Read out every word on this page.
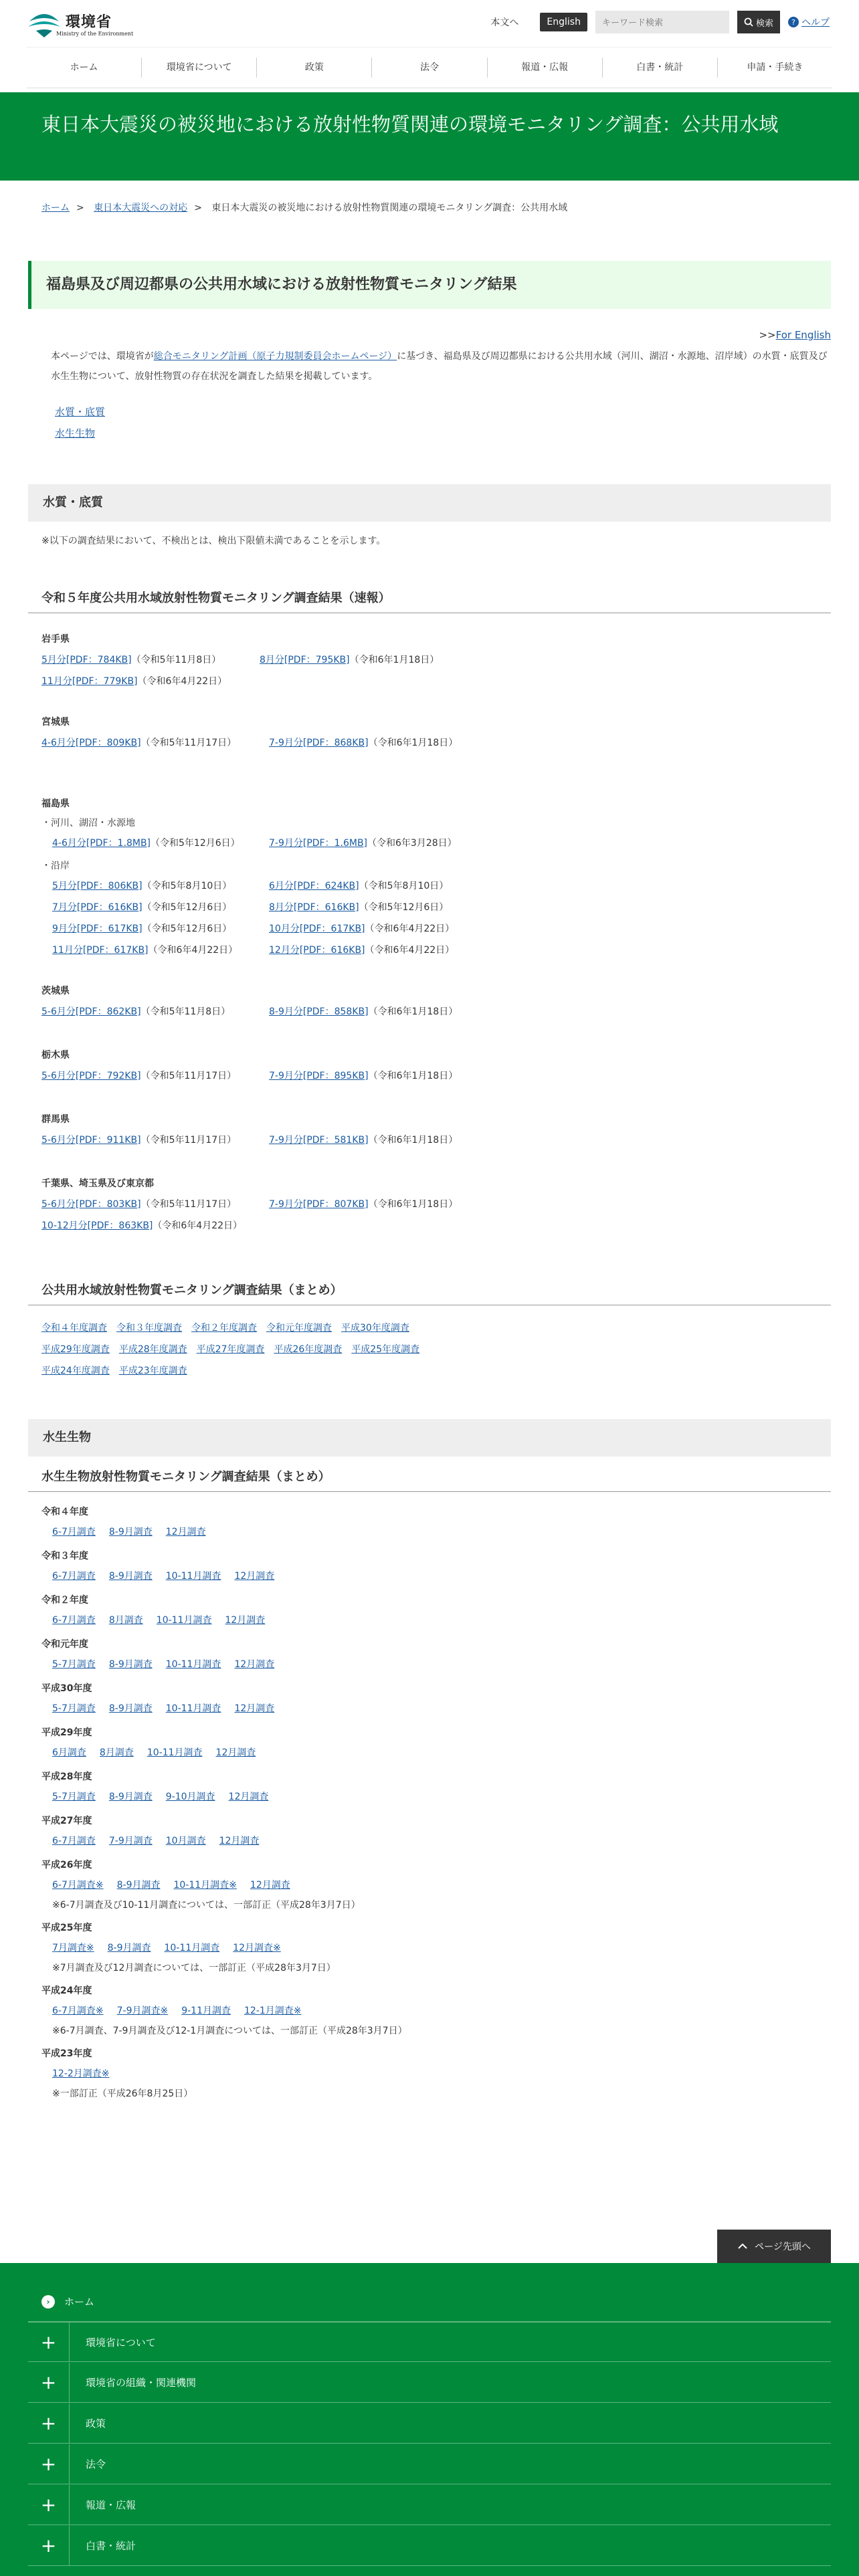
環境省
Ministry of the Environment
本文へ	English
キーワード検索	検索	? ヘルプ
ホーム	環境省について	政策	法令	報道・広報	白書・統計	申請・手続き
東日本大震災の被災地における放射性物質関連の環境モニタリング調査：公共用水域
ホーム > 東日本大震災への対応 > 東日本大震災の被災地における放射性物質関連の環境モニタリング調査：公共用水域
福島県及び周辺都県の公共用水域における放射性物質モニタリング結果
>>For English

本ページでは、環境省が総合モニタリング計画（原子力規制委員会ホームページ）に基づき、福島県及び周辺都県における公共用水域（河川、湖沼・水源地、沼岸域）の水質・底質及び水生生物について、放射性物質の存在状況を調査した結果を掲載しています。

水質・底質
水生生物
水質・底質

※以下の調査結果において、不検出とは、検出下限値未満であることを示します。

令和５年度公共用水域放射性物質モニタリング調査結果（速報）
岩手県
5月分[PDF：784KB]（令和5年11月8日）	8月分[PDF：795KB]（令和6年1月18日）
11月分[PDF：779KB]（令和6年4月22日）
宮城県
4-6月分[PDF：809KB]（令和5年11月17日）	7-9月分[PDF：868KB]（令和6年1月18日）
福島県
・河川、湖沼・水源地
4-6月分[PDF：1.8MB]（令和5年12月6日）	7-9月分[PDF：1.6MB]（令和6年3月28日）
・沿岸
5月分[PDF：806KB]（令和5年8月10日）	6月分[PDF：624KB]（令和5年8月10日）
7月分[PDF：616KB]（令和5年12月6日）	8月分[PDF：616KB]（令和5年12月6日）
9月分[PDF：617KB]（令和5年12月6日）	10月分[PDF：617KB]（令和6年4月22日）
11月分[PDF：617KB]（令和6年4月22日）	12月分[PDF：616KB]（令和6年4月22日）
茨城県
5-6月分[PDF：862KB]（令和5年11月8日）	8-9月分[PDF：858KB]（令和6年1月18日）
栃木県
5-6月分[PDF：792KB]（令和5年11月17日）	7-9月分[PDF：895KB]（令和6年1月18日）
群馬県
5-6月分[PDF：911KB]（令和5年11月17日）	7-9月分[PDF：581KB]（令和6年1月18日）
千葉県、埼玉県及び東京都
5-6月分[PDF：803KB]（令和5年11月17日）	7-9月分[PDF：807KB]（令和6年1月18日）
10-12月分[PDF：863KB]（令和6年4月22日）
公共用水域放射性物質モニタリング調査結果（まとめ）
令和４年度調査 令和３年度調査 令和２年度調査 令和元年度調査 平成30年度調査
平成29年度調査 平成28年度調査 平成27年度調査 平成26年度調査 平成25年度調査
平成24年度調査 平成23年度調査
水生生物
水生生物放射性物質モニタリング調査結果（まとめ）
令和４年度
6-7月調査 8-9月調査 12月調査
令和３年度
6-7月調査 8-9月調査 10-11月調査 12月調査
令和２年度
6-7月調査 8月調査 10-11月調査 12月調査
令和元年度
5-7月調査 8-9月調査 10-11月調査 12月調査
平成30年度
5-7月調査 8-9月調査 10-11月調査 12月調査
平成29年度
6月調査 8月調査 10-11月調査 12月調査
平成28年度
5-7月調査 8-9月調査 9-10月調査 12月調査
平成27年度
6-7月調査 7-9月調査 10月調査 12月調査
平成26年度
6-7月調査※ 8-9月調査 10-11月調査※ 12月調査
※6-7月調査及び10-11月調査については、一部訂正（平成28年3月7日）
平成25年度
7月調査※ 8-9月調査 10-11月調査 12月調査※
※7月調査及び12月調査については、一部訂正（平成28年3月7日）
平成24年度
6-7月調査※ 7-9月調査※ 9-11月調査 12-1月調査※
※6-7月調査、7-9月調査及び12-1月調査については、一部訂正（平成28年3月7日）
平成23年度
12-2月調査※
※一部訂正（平成26年8月25日）
ページ先頭へ
›	ホーム
+	環境省について
+	環境省の組織・関連機関
+	政策
+	法令
+	報道・広報
+	白書・統計
